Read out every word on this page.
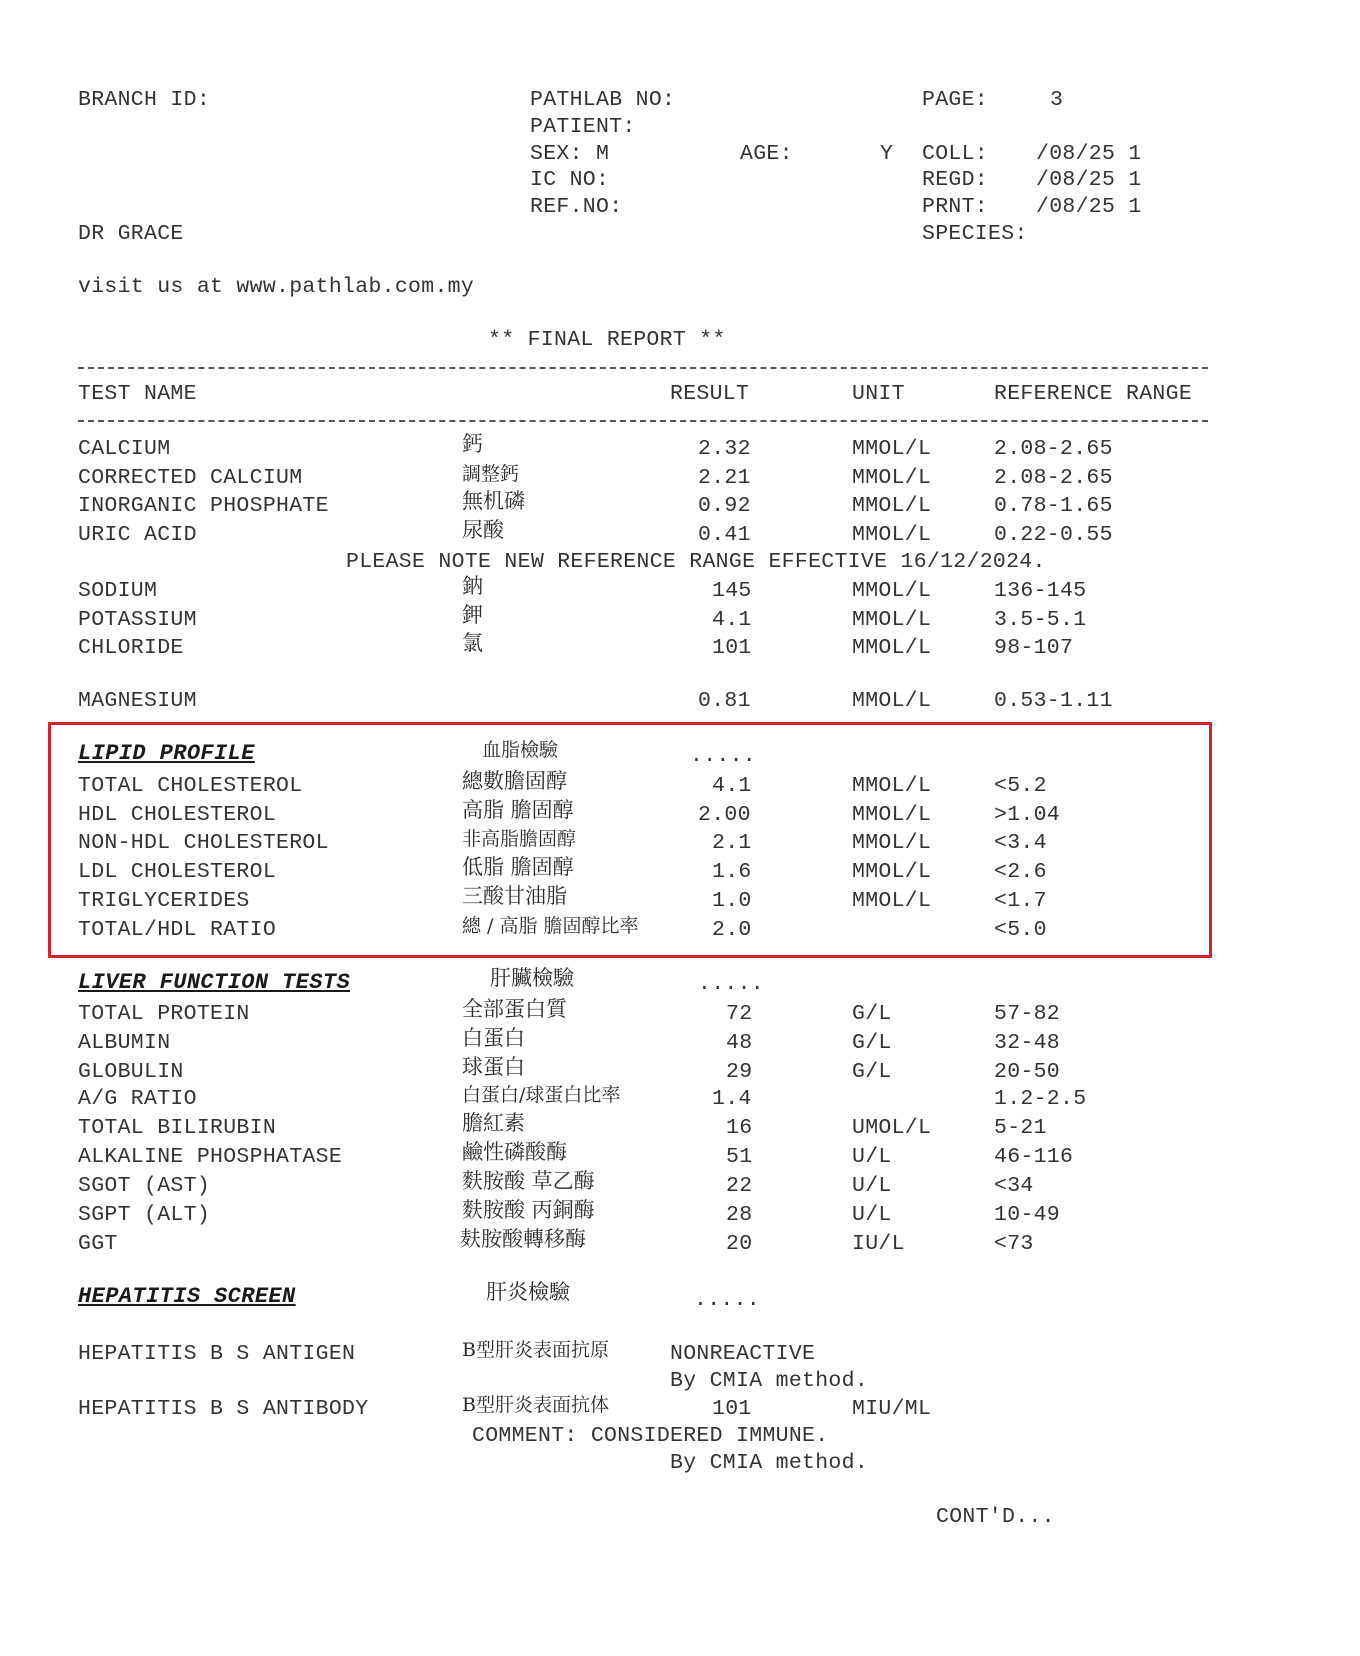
BRANCH ID:	PATHLAB NO:	PAGE:	3
PATIENT:
SEX: M	AGE:	Y COLL: /08/25 1
IC NO:	REGD: /08/25 1
REF.NO:	PRNT: /08/25 1
DR GRACE	SPECIES:
visit us at www.pathlab.com.my
** FINAL REPORT **
TEST NAME	RESULT	UNIT	REFERENCE RANGE
CALCIUM	鈣	2.32	MMOL/L	2.08-2.65
CORRECTED CALCIUM	調整鈣	2.21	MMOL/L	2.08-2.65
INORGANIC PHOSPHATE	無机磷	0.92	MMOL/L	0.78-1.65
URIC ACID	尿酸	0.41	MMOL/L	0.22-0.55
PLEASE NOTE NEW REFERENCE RANGE EFFECTIVE 16/12/2024.
SODIUM	鈉	145	MMOL/L	136-145
POTASSIUM	鉀	4.1	MMOL/L	3.5-5.1
CHLORIDE	氯	101	MMOL/L	98-107
MAGNESIUM	0.81	MMOL/L	0.53-1.11
LIPID PROFILE	血脂檢驗	.....
TOTAL CHOLESTEROL	總數膽固醇	4.1	MMOL/L	<5.2
HDL CHOLESTEROL	高脂 膽固醇	2.00	MMOL/L	>1.04
NON-HDL CHOLESTEROL	非高脂膽固醇	2.1	MMOL/L	<3.4
LDL CHOLESTEROL	低脂 膽固醇	1.6	MMOL/L	<2.6
TRIGLYCERIDES	三酸甘油脂	1.0	MMOL/L	<1.7
TOTAL/HDL RATIO	總 / 高脂 膽固醇比率	2.0	<5.0
LIVER FUNCTION TESTS	肝臟檢驗	.....
TOTAL PROTEIN	全部蛋白質	72	G/L	57-82
ALBUMIN	白蛋白	48	G/L	32-48
GLOBULIN	球蛋白	29	G/L	20-50
A/G RATIO	白蛋白/球蛋白比率	1.4	1.2-2.5
TOTAL BILIRUBIN	膽紅素	16	UMOL/L	5-21
ALKALINE PHOSPHATASE	鹼性磷酸酶	51	U/L	46-116
SGOT (AST)	麩胺酸 草乙酶	22	U/L	<34
SGPT (ALT)	麩胺酸 丙銅酶	28	U/L	10-49
GGT	麸胺酸轉移酶	20	IU/L	<73
HEPATITIS SCREEN	肝炎檢驗	.....
HEPATITIS B S ANTIGEN	B型肝炎表面抗原	NONREACTIVE
By CMIA method.
HEPATITIS B S ANTIBODY	B型肝炎表面抗体	101	MIU/ML
COMMENT: CONSIDERED IMMUNE.
By CMIA method.
CONT'D...
